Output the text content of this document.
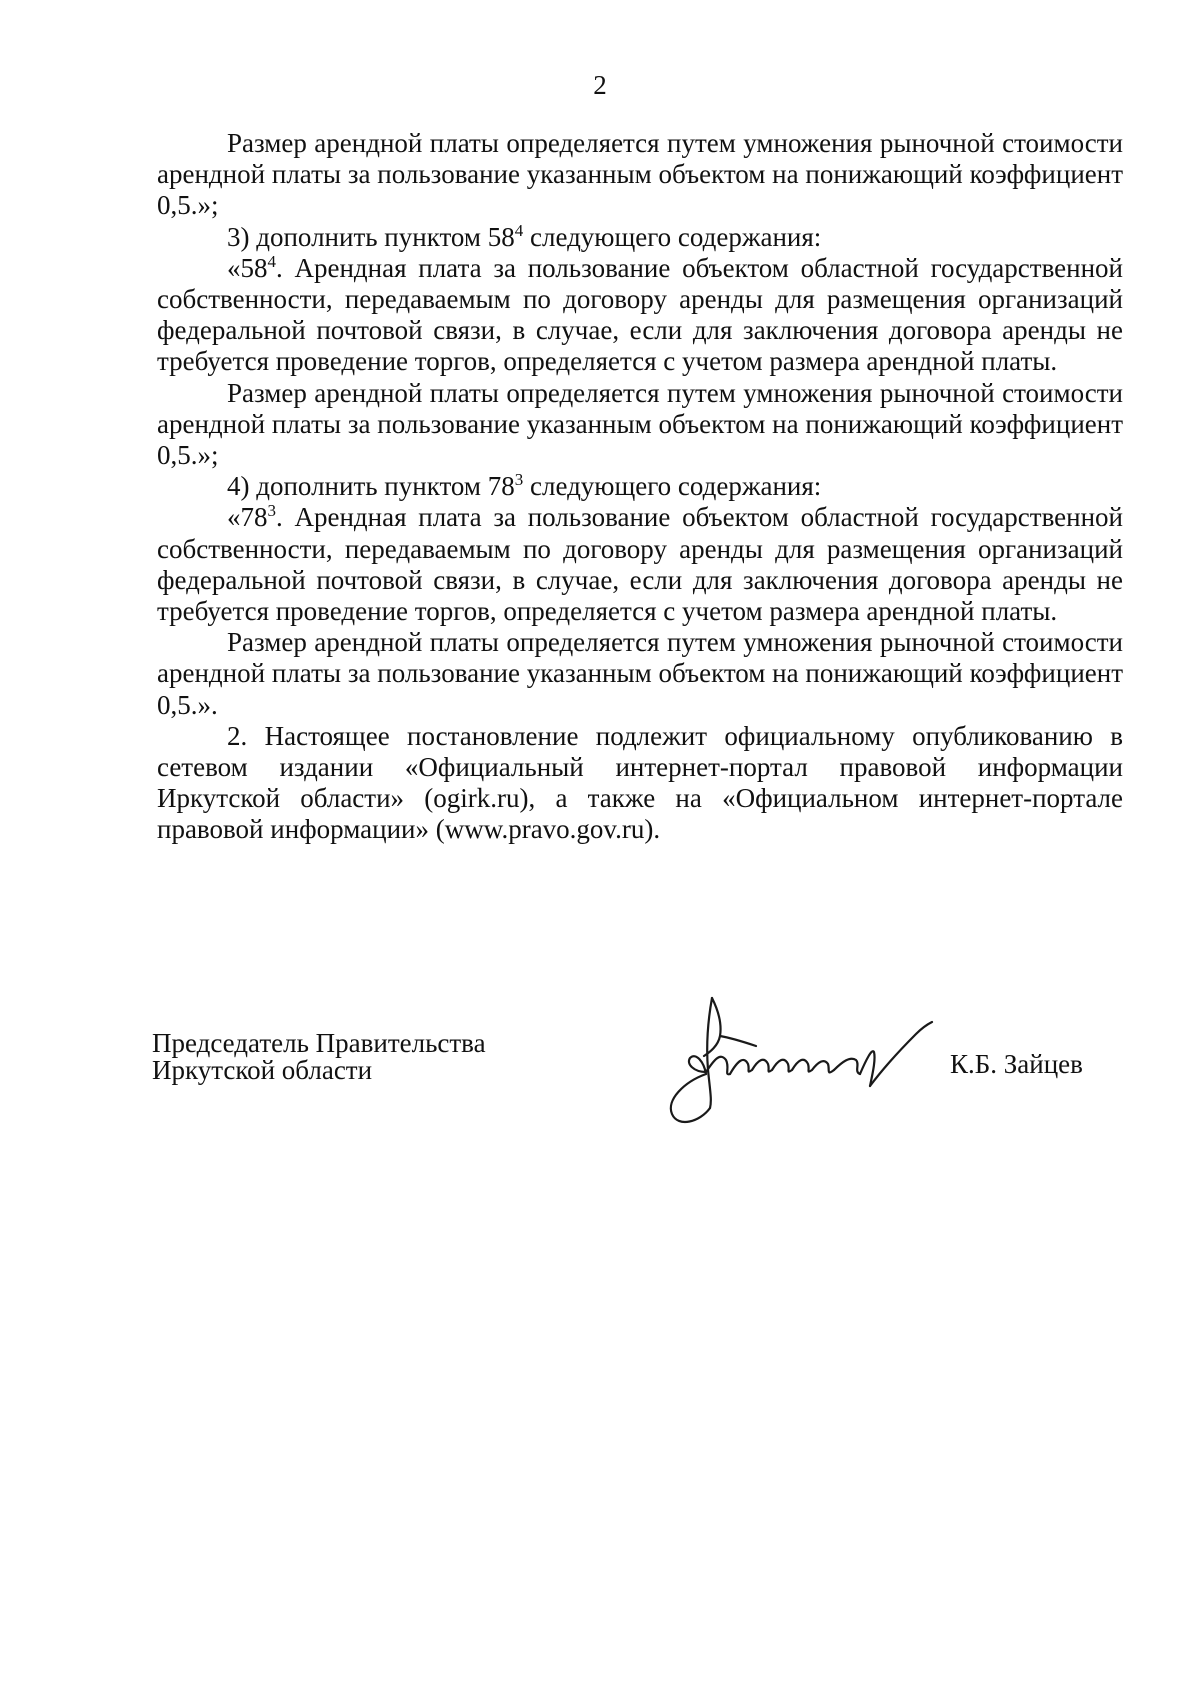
2

Размер арендной платы определяется путем умножения рыночной стоимости арендной платы за пользование указанным объектом на понижающий коэффициент 0,5.»;

3) дополнить пунктом $58^4$ следующего содержания:

«$58^4$. Арендная плата за пользование объектом областной государственной собственности, передаваемым по договору аренды для размещения организаций федеральной почтовой связи, в случае, если для заключения договора аренды не требуется проведение торгов, определяется с учетом размера арендной платы.

Размер арендной платы определяется путем умножения рыночной стоимости арендной платы за пользование указанным объектом на понижающий коэффициент 0,5.»;

4) дополнить пунктом $78^3$ следующего содержания:

«$78^3$. Арендная плата за пользование объектом областной государственной собственности, передаваемым по договору аренды для размещения организаций федеральной почтовой связи, в случае, если для заключения договора аренды не требуется проведение торгов, определяется с учетом размера арендной платы.

Размер арендной платы определяется путем умножения рыночной стоимости арендной платы за пользование указанным объектом на понижающий коэффициент 0,5.».

2. Настоящее постановление подлежит официальному опубликованию в сетевом издании «Официальный интернет-портал правовой информации Иркутской области» (ogirk.ru), а также на «Официальном интернет-портале правовой информации» (www.pravo.gov.ru).

Председатель Правительства
Иркутской области	К.Б. Зайцев
